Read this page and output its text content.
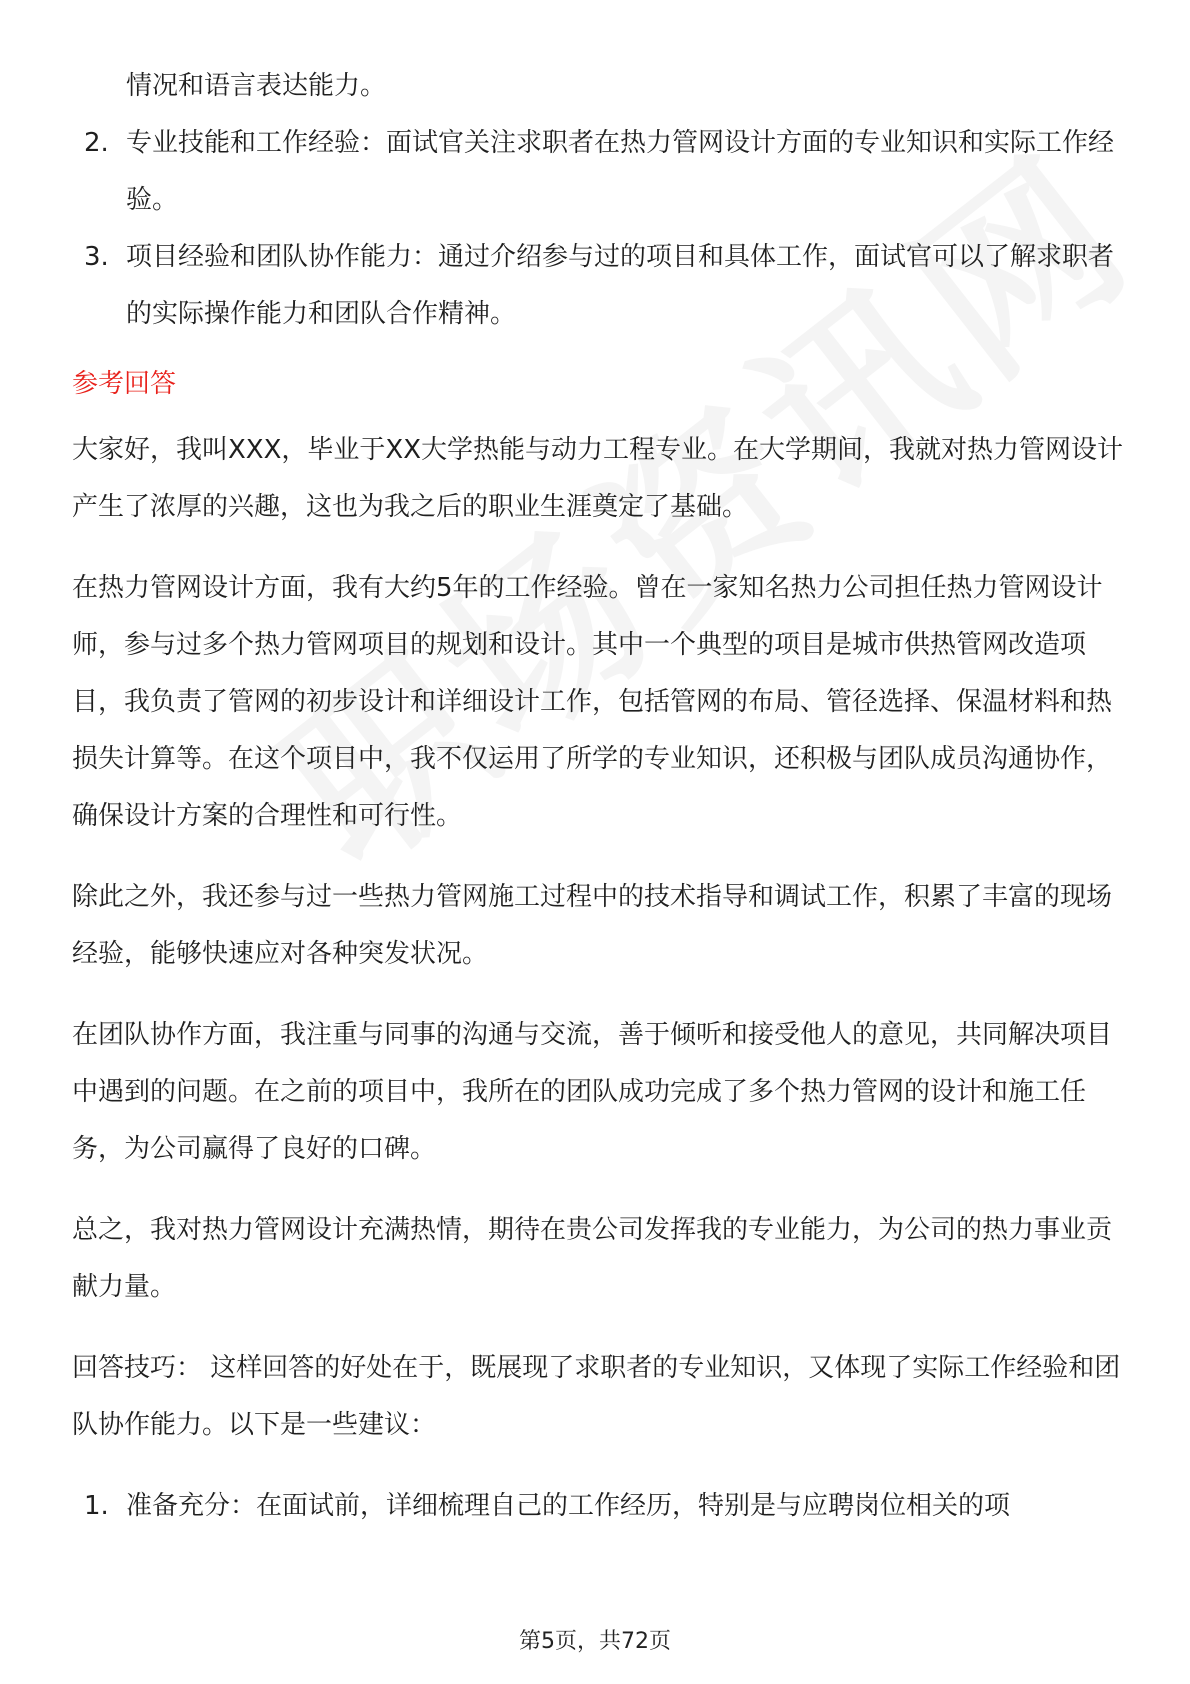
情况和语言表达能力。
2. 专业技能和工作经验：面试官关注求职者在热力管网设计方面的专业知识和实际工作经验。
3. 项目经验和团队协作能力：通过介绍参与过的项目和具体工作，面试官可以了解求职者的实际操作能力和团队合作精神。
参考回答

大家好，我叫XXX，毕业于XX大学热能与动力工程专业。在大学期间，我就对热力管网设计产生了浓厚的兴趣，这也为我之后的职业生涯奠定了基础。

在热力管网设计方面，我有大约5年的工作经验。曾在一家知名热力公司担任热力管网设计师，参与过多个热力管网项目的规划和设计。其中一个典型的项目是城市供热管网改造项目，我负责了管网的初步设计和详细设计工作，包括管网的布局、管径选择、保温材料和热损失计算等。在这个项目中，我不仅运用了所学的专业知识，还积极与团队成员沟通协作，确保设计方案的合理性和可行性。

除此之外，我还参与过一些热力管网施工过程中的技术指导和调试工作，积累了丰富的现场经验，能够快速应对各种突发状况。

在团队协作方面，我注重与同事的沟通与交流，善于倾听和接受他人的意见，共同解决项目中遇到的问题。在之前的项目中，我所在的团队成功完成了多个热力管网的设计和施工任务，为公司赢得了良好的口碑。

总之，我对热力管网设计充满热情，期待在贵公司发挥我的专业能力，为公司的热力事业贡献力量。

回答技巧： 这样回答的好处在于，既展现了求职者的专业知识，又体现了实际工作经验和团队协作能力。以下是一些建议：

1. 准备充分：在面试前，详细梳理自己的工作经历，特别是与应聘岗位相关的项
第5页，共72页
